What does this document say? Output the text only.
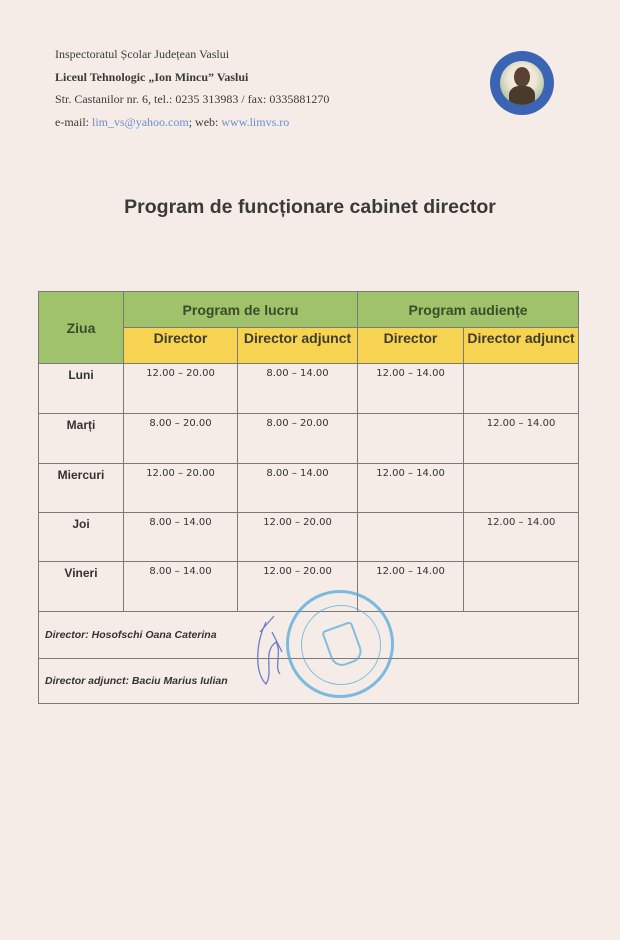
Inspectoratul Școlar Județean Vaslui
Liceul Tehnologic „Ion Mincu” Vaslui
Str. Castanilor nr. 6, tel.: 0235 313983 / fax: 0335881270
e-mail: lim_vs@yahoo.com; web: www.limvs.ro
Program de funcționare cabinet director
Ziua	Program de lucru		Program audiențe	
	Director	Director adjunct	Director	Director adjunct
Luni	12.00 – 20.00	8.00 – 14.00	12.00 – 14.00	
Marți	8.00 – 20.00	8.00 – 20.00		12.00 – 14.00
Miercuri	12.00 – 20.00	8.00 – 14.00	12.00 – 14.00	
Joi	8.00 – 14.00	12.00 – 20.00		12.00 – 14.00
Vineri	8.00 – 14.00	12.00 – 20.00	12.00 – 14.00	
Director: Hosofschi Oana Caterina				
Director adjunct: Baciu Marius Iulian				
